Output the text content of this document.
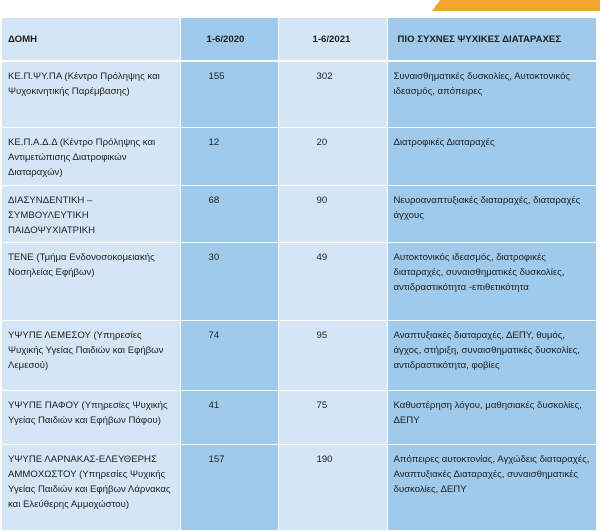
ΔΟΜΗ	1-6/2020	1-6/2021	ΠΙΟ ΣΥΧΝΕΣ ΨΥΧΙΚΕΣ ΔΙΑΤΑΡΑΧΕΣ
ΚΕ.Π.ΨΥ.ΠΑ (Κέντρο Πρόληψης και Ψυχοκινητικής Παρέμβασης)	155	302	Συναισθηματικές δυσκολίες, Αυτοκτονικός ιδεασμός, απόπειρες
ΚΕ.Π.Α.Δ.Δ (Κέντρο Πρόληψης και Αντιμετώπισης Διατροφικών Διαταραχών)	12	20	Διατροφικές Διαταραχές
ΔΙΑΣΥΝΔΕΝΤΙΚΗ – ΣΥΜΒΟΥΛΕΥΤΙΚΗ ΠΑΙΔΟΨΥΧΙΑΤΡΙΚΗ	68	90	Νευροαναπτυξιακές διαταραχές, διαταραχές άγχους
ΤΕΝΕ (Τμήμα Ενδονοσοκομειακής Νοσηλείας Εφήβων)	30	49	Αυτοκτονικός ιδεασμός, διατροφικές διαταραχές, συναισθηματικές δυσκολίες, αντιδραστικότητα -επιθετικότητα
ΥΨΥΠΕ ΛΕΜΕΣΟΥ (Υπηρεσίες Ψυχικής Υγείας Παιδιών και Εφήβων Λεμεσού)	74	95	Αναπτυξιακές διαταραχές, ΔΕΠΥ, θυμός, άγχος, στήριξη, συναισθηματικές δυσκολίες, αντιδραστικότητα, φοβίες
ΥΨΥΠΕ ΠΑΦΟΥ (Υπηρεσίες Ψυχικής Υγείας Παιδιών και Εφήβων Πάφου)	41	75	Καθυστέρηση λόγου, μαθησιακές δυσκολίες, ΔΕΠΥ
ΥΨΥΠΕ ΛΑΡΝΑΚΑΣ-ΕΛΕΥΘΕΡΗΣ ΑΜΜΟΧΩΣΤΟΥ (Υπηρεσίες Ψυχικής Υγείας Παιδιών και Εφήβων Λάρνακας και Ελεύθερης Αμμοχώστου)	157	190	Απόπειρες αυτοκτονίας, Αγχώδεις διαταραχές, Αναπτυξιακές Διαταραχές, συναισθηματικές δυσκολίες, ΔΕΠΥ
